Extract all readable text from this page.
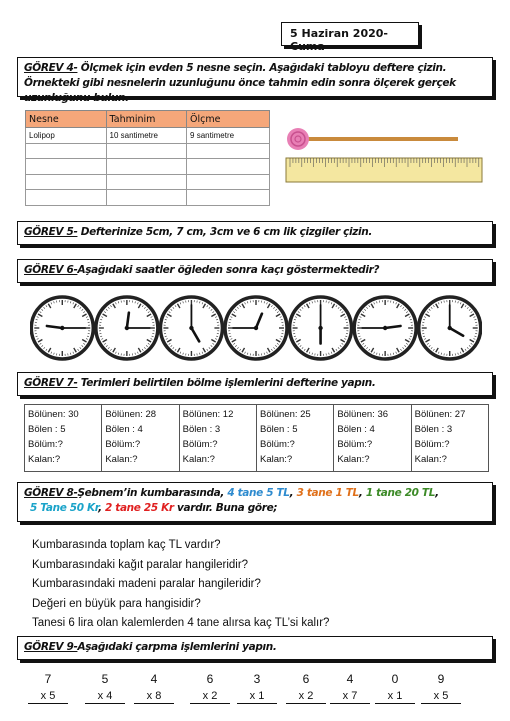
5 Haziran 2020-Cuma
GÖREV 4- Ölçmek için evden 5 nesne seçin. Aşağıdaki tabloyu deftere çizin. Örnekteki gibi nesnelerin uzunluğunu önce tahmin edin sonra ölçerek gerçek uzunluğunu bulun.
Nesne	Tahminim	Ölçme
Lolipop	10 santimetre	9 santimetre

GÖREV 5- Defterinize 5cm, 7 cm, 3cm ve 6 cm lik çizgiler çizin.
GÖREV 6-Aşağıdaki saatler öğleden sonra kaçı göstermektedir?
GÖREV 7- Terimleri belirtilen bölme işlemlerini defterine yapın.
Bölünen: 30
Bölen : 5
Bölüm:?
Kalan:?

Bölünen: 28
Bölen : 4
Bölüm:?
Kalan:?

Bölünen: 12
Bölen : 3
Bölüm:?
Kalan:?

Bölünen: 25
Bölen : 5
Bölüm:?
Kalan:?

Bölünen: 36
Bölen : 4
Bölüm:?
Kalan:?

Bölünen: 27
Bölen : 3
Bölüm:?
Kalan:?
GÖREV 8-Şebnem’in kumbarasında, 4 tane 5 TL, 3 tane 1 TL, 1 tane 20 TL,
5 Tane 50 Kr, 2 tane 25 Kr vardır. Buna göre;
Kumbarasında toplam kaç TL vardır?
Kumbarasındaki kağıt paralar hangileridir?
Kumbarasındaki madeni paralar hangileridir?
Değeri en büyük para hangisidir?
Tanesi 6 lira olan kalemlerden 4 tane alırsa kaç TL’si kalır?
GÖREV 9-Aşağıdaki çarpma işlemlerini yapın.
7
x 5
5
x 4
4
x 8
6
x 2
3
x 1
6
x 2
4
x 7
0
x 1
9
x 5
